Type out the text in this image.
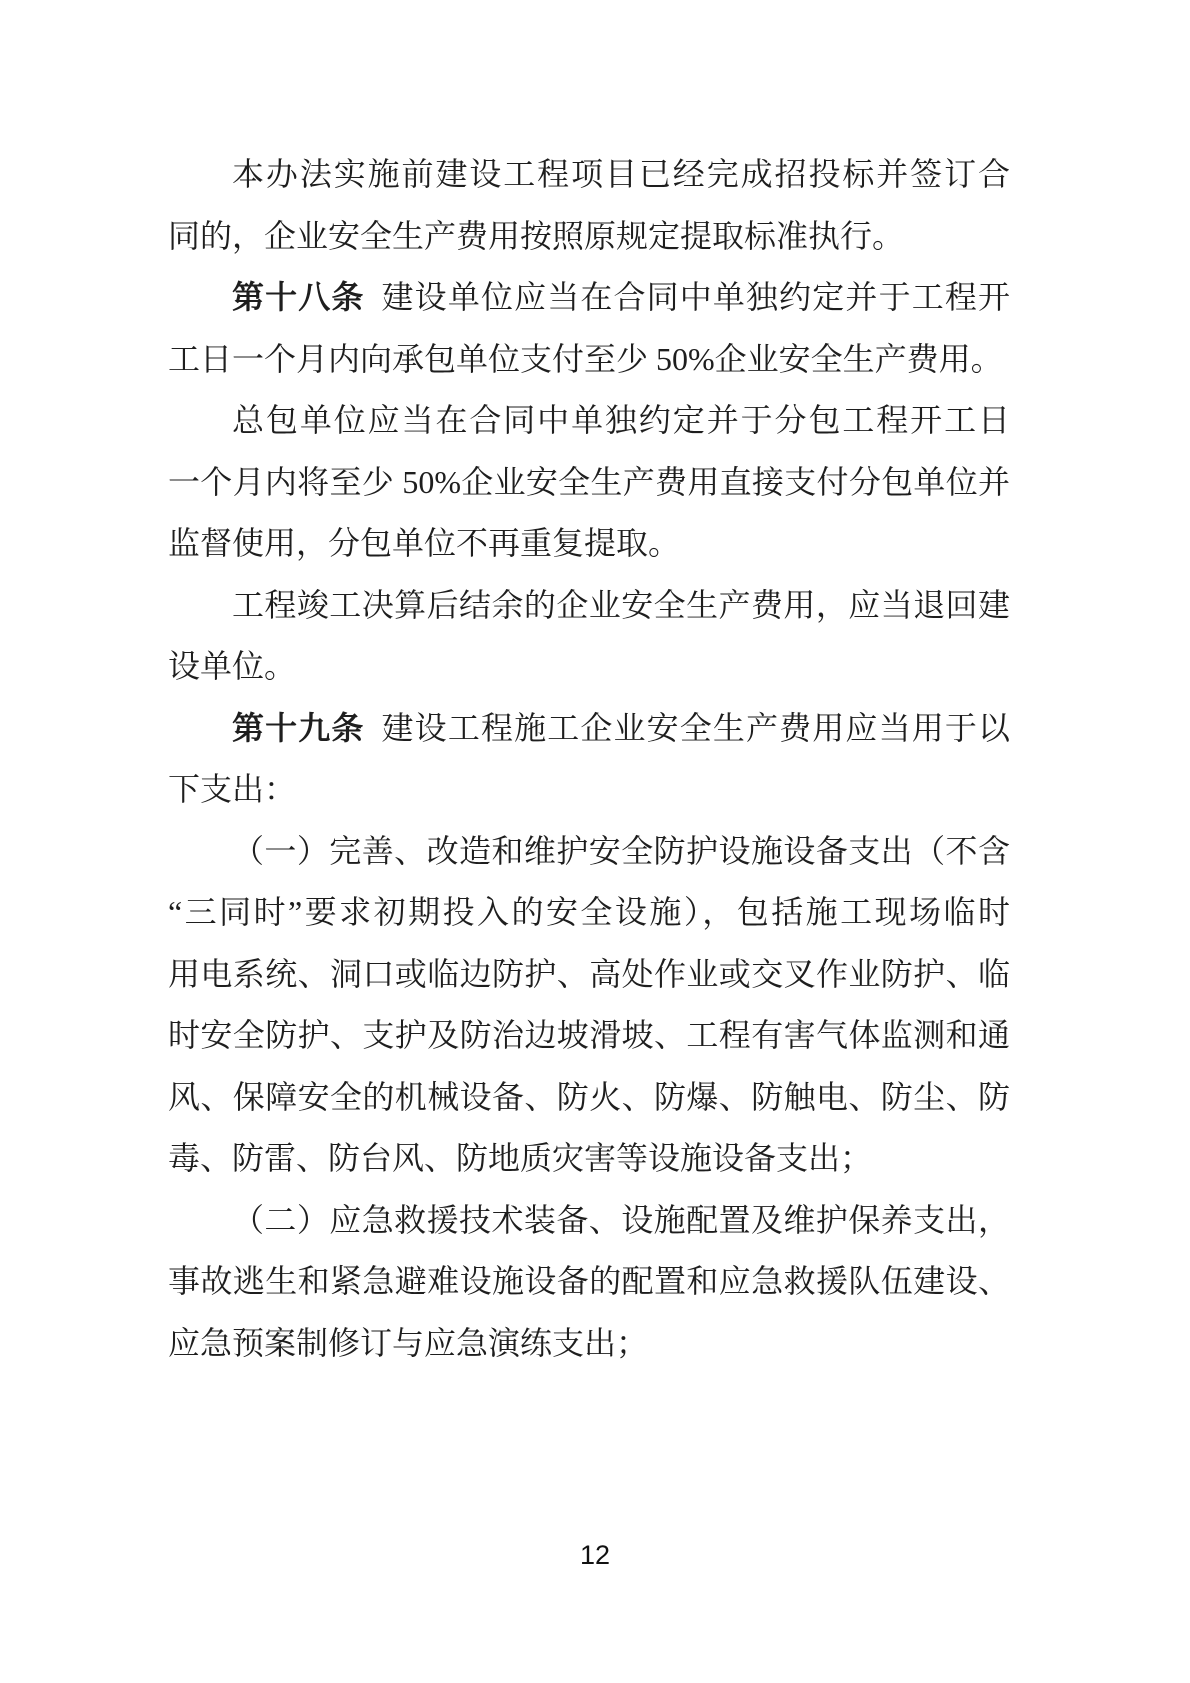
本办法实施前建设工程项目已经完成招投标并签订合
同的，企业安全生产费用按照原规定提取标准执行。
第十八条 建设单位应当在合同中单独约定并于工程开
工日一个月内向承包单位支付至少 50%企业安全生产费用。
总包单位应当在合同中单独约定并于分包工程开工日
一个月内将至少 50%企业安全生产费用直接支付分包单位并
监督使用，分包单位不再重复提取。
工程竣工决算后结余的企业安全生产费用，应当退回建
设单位。
第十九条 建设工程施工企业安全生产费用应当用于以
下支出：
（一）完善、改造和维护安全防护设施设备支出（不含
“三同时”要求初期投入的安全设施），包括施工现场临时
用电系统、洞口或临边防护、高处作业或交叉作业防护、临
时安全防护、支护及防治边坡滑坡、工程有害气体监测和通
风、保障安全的机械设备、防火、防爆、防触电、防尘、防
毒、防雷、防台风、防地质灾害等设施设备支出；
（二）应急救援技术装备、设施配置及维护保养支出，
事故逃生和紧急避难设施设备的配置和应急救援队伍建设、
应急预案制修订与应急演练支出；
12
